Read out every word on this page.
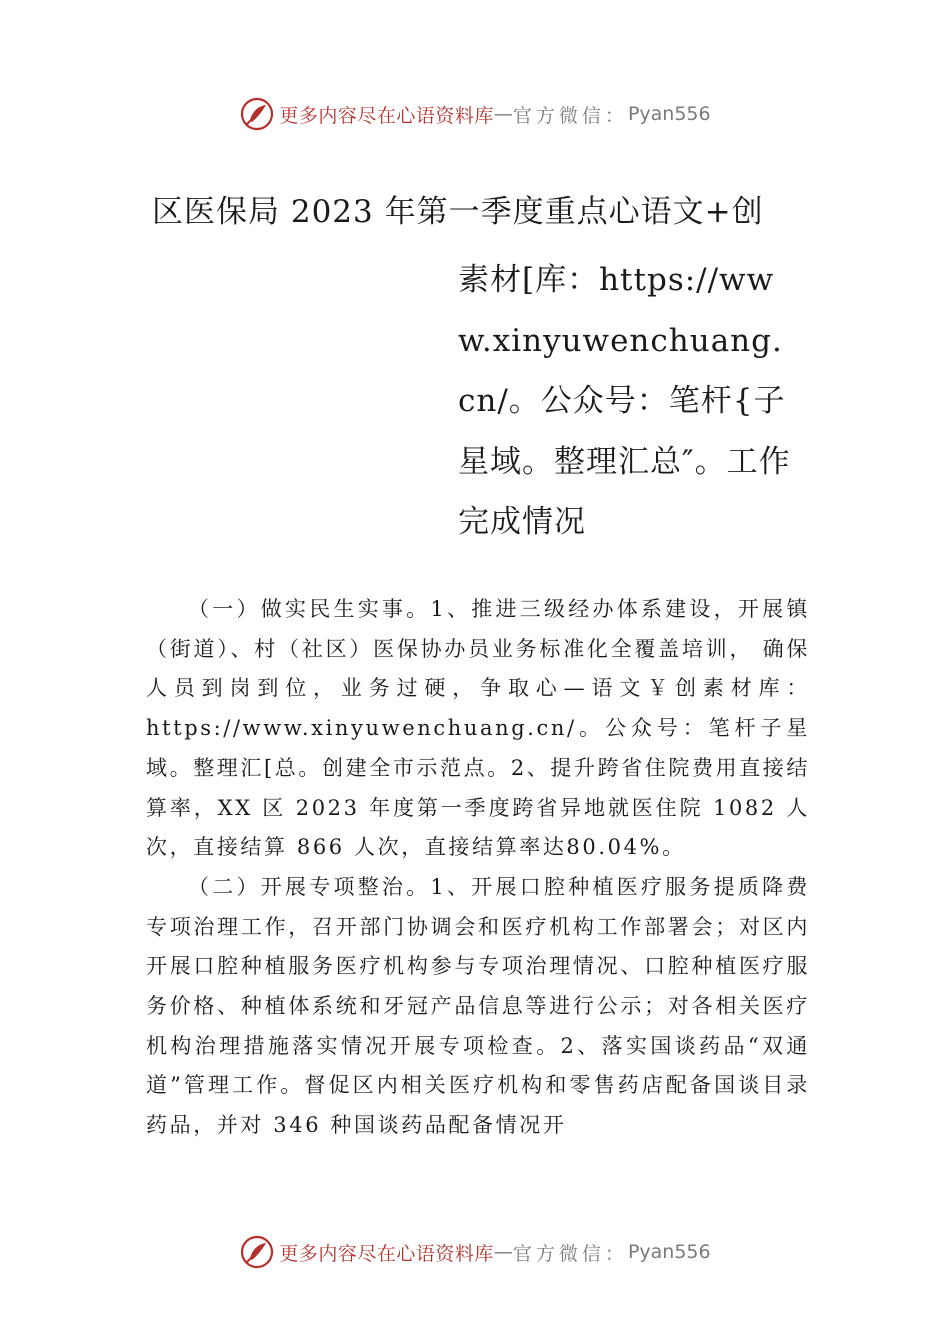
更多内容尽在心语资料库 — 官方微信： Pyan556
区医保局 2023 年第一季度重点心语文+创
素材[库：https://www.xinyuwenchuang.cn/。公众号：笔杆{子星域。整理汇总″。工作完成情况

（一）做实民生实事。1、推进三级经办体系建设，开展镇（街道）、村（社区）医保协办员业务标准化全覆盖培训， 确保人员到岗到位，业务过硬，争取心—语文￥创素材库：https://www.xinyuwenchuang.cn/。公众号：笔杆子星域。整理汇[总。创建全市示范点。2、提升跨省住院费用直接结算率，XX 区 2023 年度第一季度跨省异地就医住院 1082 人次，直接结算 866 人次，直接结算率达80.04%。

（二）开展专项整治。1、开展口腔种植医疗服务提质降费专项治理工作，召开部门协调会和医疗机构工作部署会；对区内开展口腔种植服务医疗机构参与专项治理情况、口腔种植医疗服务价格、种植体系统和牙冠产品信息等进行公示；对各相关医疗机构治理措施落实情况开展专项检查。2、落实国谈药品“双通道”管理工作。督促区内相关医疗机构和零售药店配备国谈目录药品，并对 346 种国谈药品配备情况开

更多内容尽在心语资料库 — 官方微信： Pyan556
